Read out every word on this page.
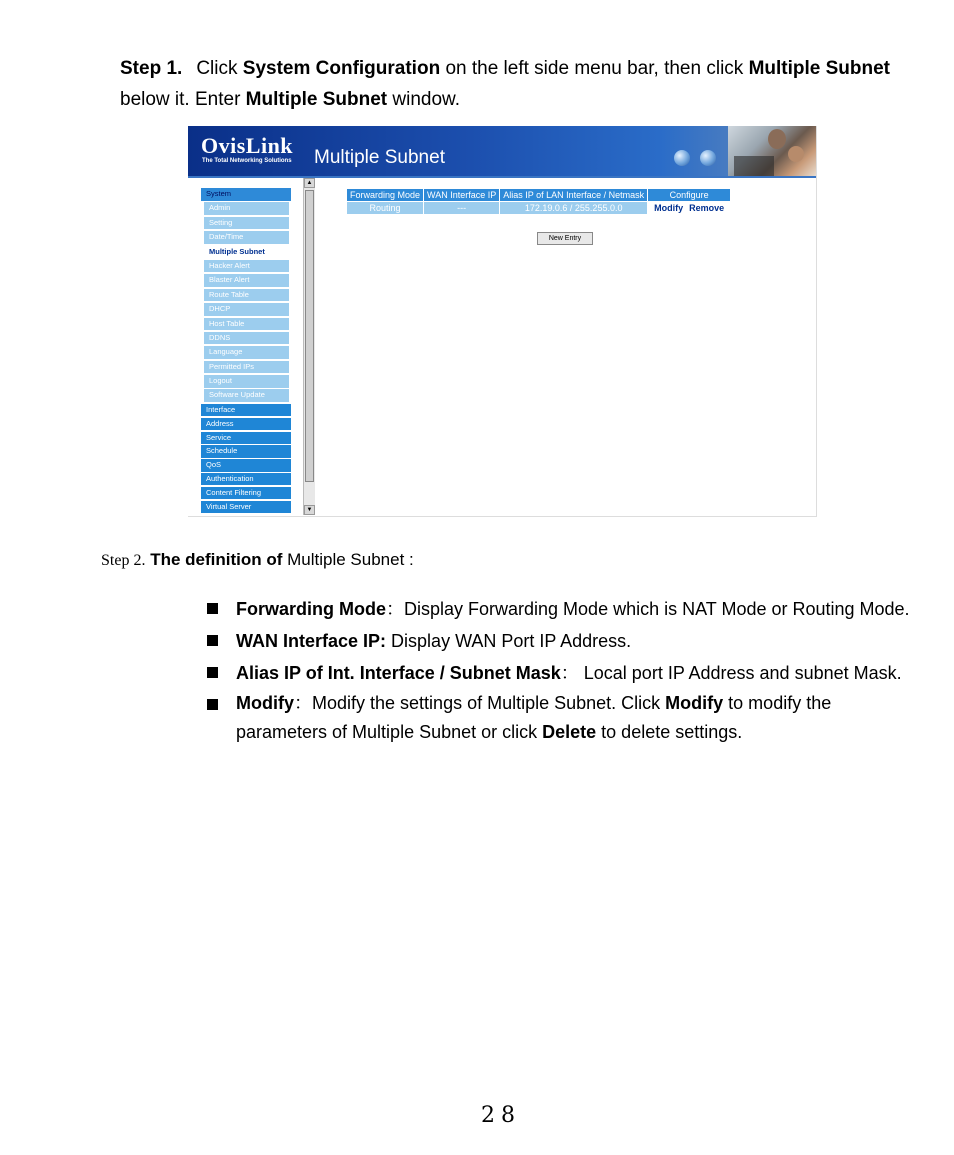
Step 1. Click System Configuration on the left side menu bar, then click Multiple Subnet below it. Enter Multiple Subnet window.
OvisLink
The Total Networking Solutions Multiple Subnet
System
Admin
Setting
Date/Time
Multiple Subnet
Hacker Alert
Blaster Alert
Route Table
DHCP
Host Table
DDNS
Language
Permitted IPs
Logout
Software Update
Interface
Address
Service
Schedule
QoS
Authentication
Content Filtering
Virtual Server
▲
▼
Forwarding Mode	WAN Interface IP	Alias IP of LAN Interface / Netmask	Configure
Routing	---	172.19.0.6 / 255.255.0.0	Modify Remove
New Entry
Step 2. The definition of Multiple Subnet :
Forwarding Mode：Display Forwarding Mode which is NAT Mode or Routing Mode.
WAN Interface IP: Display WAN Port IP Address.
Alias IP of Int. Interface / Subnet Mask： Local port IP Address and subnet Mask.
Modify：Modify the settings of Multiple Subnet. Click Modify to modify the parameters of Multiple Subnet or click Delete to delete settings.
28
